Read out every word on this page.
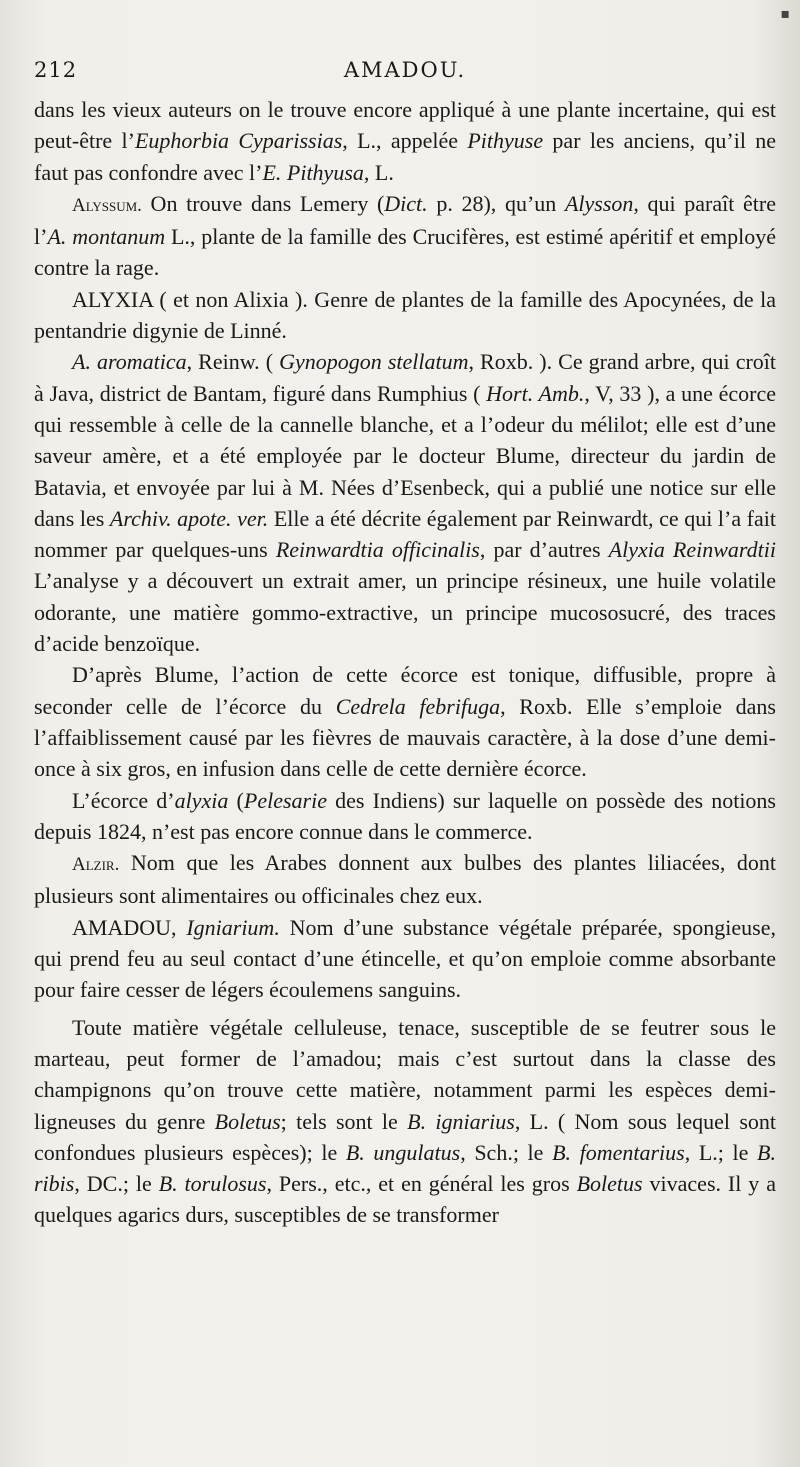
▪
212	AMADOU.

dans les vieux auteurs on le trouve encore appliqué à une plante incertaine, qui est peut-être l’Euphorbia Cyparissias, L., appelée Pithyuse par les anciens, qu’il ne faut pas confondre avec l’E. Pithyusa, L.

Alyssum. On trouve dans Lemery (Dict. p. 28), qu’un Alysson, qui paraît être l’A. montanum L., plante de la famille des Crucifères, est estimé apéritif et employé contre la rage.

ALYXIA ( et non Alixia ). Genre de plantes de la famille des Apocynées, de la pentandrie digynie de Linné.

A. aromatica, Reinw. ( Gynopogon stellatum, Roxb. ). Ce grand arbre, qui croît à Java, district de Bantam, figuré dans Rumphius ( Hort. Amb., V, 33 ), a une écorce qui ressemble à celle de la cannelle blanche, et a l’odeur du mélilot; elle est d’une saveur amère, et a été employée par le docteur Blume, directeur du jardin de Batavia, et envoyée par lui à M. Nées d’Esenbeck, qui a publié une notice sur elle dans les Archiv. apote. ver. Elle a été décrite également par Reinwardt, ce qui l’a fait nommer par quelques-uns Reinwardtia officinalis, par d’autres Alyxia Reinwardtii L’analyse y a découvert un extrait amer, un principe résineux, une huile volatile odorante, une matière gommo-extractive, un principe mucososucré, des traces d’acide benzoïque.

D’après Blume, l’action de cette écorce est tonique, diffusible, propre à seconder celle de l’écorce du Cedrela febrifuga, Roxb. Elle s’emploie dans l’affaiblissement causé par les fièvres de mauvais caractère, à la dose d’une demi-once à six gros, en infusion dans celle de cette dernière écorce.

L’écorce d’alyxia (Pelesarie des Indiens) sur laquelle on possède des notions depuis 1824, n’est pas encore connue dans le commerce.

Alzir. Nom que les Arabes donnent aux bulbes des plantes liliacées, dont plusieurs sont alimentaires ou officinales chez eux.

AMADOU, Igniarium. Nom d’une substance végétale préparée, spongieuse, qui prend feu au seul contact d’une étincelle, et qu’on emploie comme absorbante pour faire cesser de légers écoulemens sanguins.

Toute matière végétale celluleuse, tenace, susceptible de se feutrer sous le marteau, peut former de l’amadou; mais c’est surtout dans la classe des champignons qu’on trouve cette matière, notamment parmi les espèces demi-ligneuses du genre Boletus; tels sont le B. igniarius, L. ( Nom sous lequel sont confondues plusieurs espèces); le B. ungulatus, Sch.; le B. fomentarius, L.; le B. ribis, DC.; le B. torulosus, Pers., etc., et en général les gros Boletus vivaces. Il y a quelques agarics durs, susceptibles de se transformer
